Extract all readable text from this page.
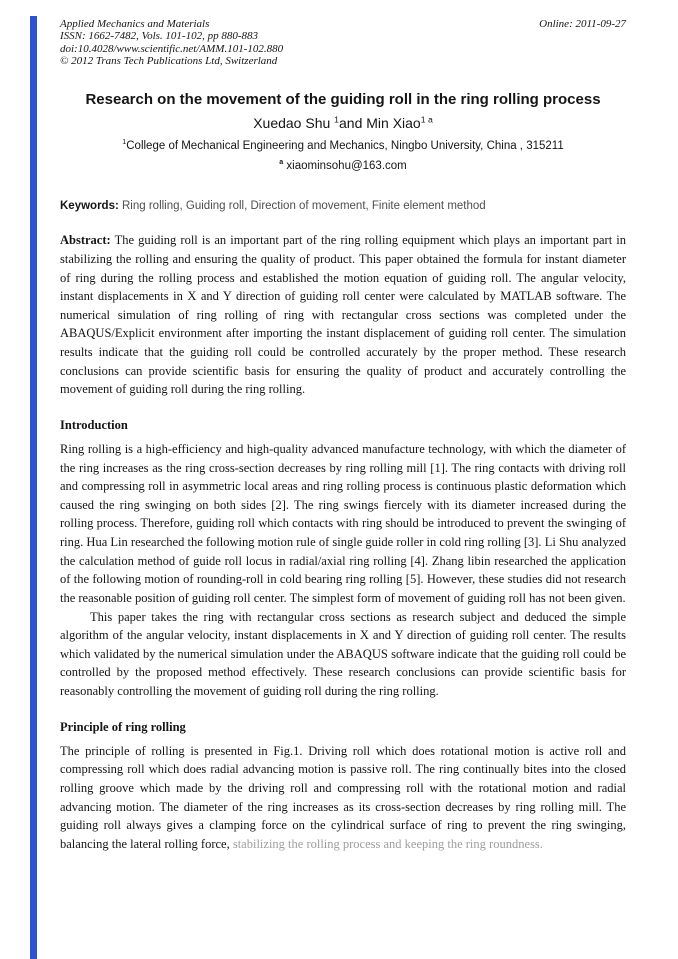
Applied Mechanics and Materials
ISSN: 1662-7482, Vols. 101-102, pp 880-883
doi:10.4028/www.scientific.net/AMM.101-102.880
© 2012 Trans Tech Publications Ltd, Switzerland
Online: 2011-09-27
Research on the movement of the guiding roll in the ring rolling process
Xuedao Shu $^1$and Min Xiao$^{1 a}$
$^1$College of Mechanical Engineering and Mechanics, Ningbo University, China , 315211
$^a$ xiaominsohu@163.com

Keywords: Ring rolling, Guiding roll, Direction of movement, Finite element method

Abstract: The guiding roll is an important part of the ring rolling equipment which plays an important part in stabilizing the rolling and ensuring the quality of product. This paper obtained the formula for instant diameter of ring during the rolling process and established the motion equation of guiding roll. The angular velocity, instant displacements in X and Y direction of guiding roll center were calculated by MATLAB software. The numerical simulation of ring rolling of ring with rectangular cross sections was completed under the ABAQUS/Explicit environment after importing the instant displacement of guiding roll center. The simulation results indicate that the guiding roll could be controlled accurately by the proper method. These research conclusions can provide scientific basis for ensuring the quality of product and accurately controlling the movement of guiding roll during the ring rolling.

Introduction

Ring rolling is a high-efficiency and high-quality advanced manufacture technology, with which the diameter of the ring increases as the ring cross-section decreases by ring rolling mill [1]. The ring contacts with driving roll and compressing roll in asymmetric local areas and ring rolling process is continuous plastic deformation which caused the ring swinging on both sides [2]. The ring swings fiercely with its diameter increased during the rolling process. Therefore, guiding roll which contacts with ring should be introduced to prevent the swinging of ring. Hua Lin researched the following motion rule of single guide roller in cold ring rolling [3]. Li Shu analyzed the calculation method of guide roll locus in radial/axial ring rolling [4]. Zhang libin researched the application of the following motion of rounding-roll in cold bearing ring rolling [5]. However, these studies did not research the reasonable position of guiding roll center. The simplest form of movement of guiding roll has not been given.

This paper takes the ring with rectangular cross sections as research subject and deduced the simple algorithm of the angular velocity, instant displacements in X and Y direction of guiding roll center. The results which validated by the numerical simulation under the ABAQUS software indicate that the guiding roll could be controlled by the proposed method effectively. These research conclusions can provide scientific basis for reasonably controlling the movement of guiding roll during the ring rolling.

Principle of ring rolling

The principle of rolling is presented in Fig.1. Driving roll which does rotational motion is active roll and compressing roll which does radial advancing motion is passive roll. The ring continually bites into the closed rolling groove which made by the driving roll and compressing roll with the rotational motion and radial advancing motion. The diameter of the ring increases as its cross-section decreases by ring rolling mill. The guiding roll always gives a clamping force on the cylindrical surface of ring to prevent the ring swinging, balancing the lateral rolling force, stabilizing the rolling process and keeping the ring roundness.
